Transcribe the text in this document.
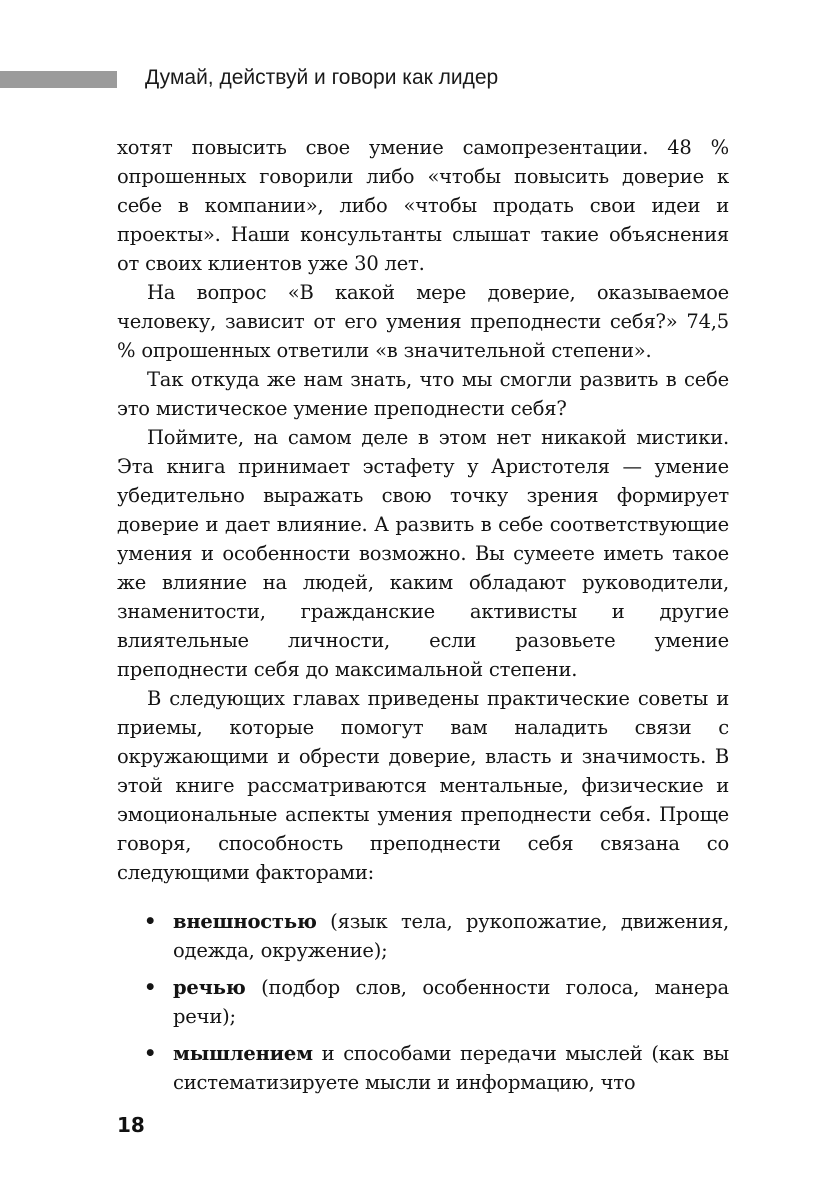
Думай, действуй и говори как лидер

хотят повысить свое умение самопрезентации. 48 % опрошенных говорили либо «чтобы повысить доверие к себе в компании», либо «чтобы продать свои идеи и проекты». Наши консультанты слышат такие объяснения от своих клиентов уже 30 лет.

На вопрос «В какой мере доверие, оказываемое человеку, зависит от его умения преподнести себя?» 74,5 % опрошенных ответили «в значительной степени».

Так откуда же нам знать, что мы смогли развить в себе это мистическое умение преподнести себя?

Поймите, на самом деле в этом нет никакой мистики. Эта книга принимает эстафету у Аристотеля — умение убедительно выражать свою точку зрения формирует доверие и дает влияние. А развить в себе соответствующие умения и особенности возможно. Вы сумеете иметь такое же влияние на людей, каким обладают руководители, знаменитости, гражданские активисты и другие влиятельные личности, если разовьете умение преподнести себя до максимальной степени.

В следующих главах приведены практические советы и приемы, которые помогут вам наладить связи с окружающими и обрести доверие, власть и значимость. В этой книге рассматриваются ментальные, физические и эмоциональные аспекты умения преподнести себя. Проще говоря, способность преподнести себя связана со следующими факторами:

• внешностью (язык тела, рукопожатие, движения, одежда, окружение);
• речью (подбор слов, особенности голоса, манера речи);
• мышлением и способами передачи мыслей (как вы систематизируете мысли и информацию, что
18
